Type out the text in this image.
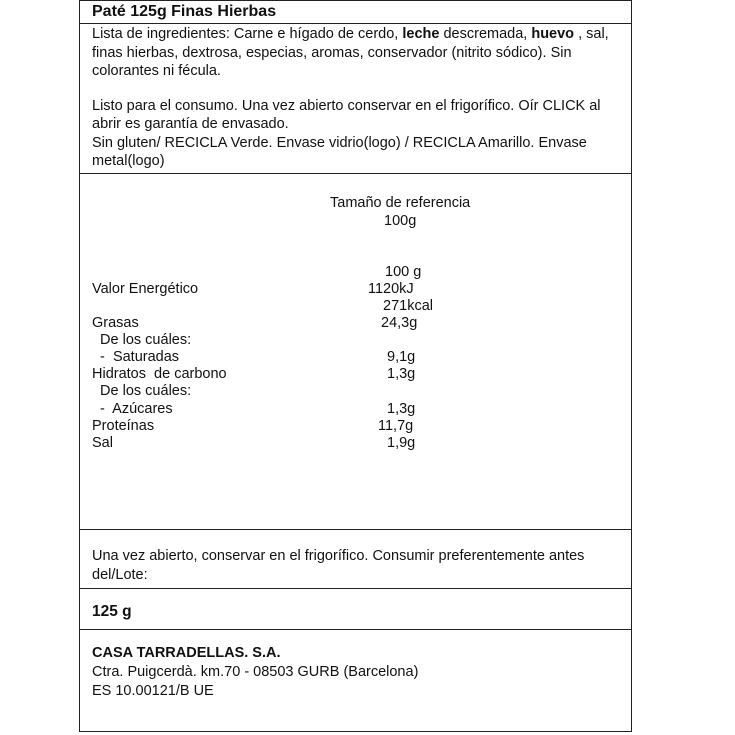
Paté 125g Finas Hierbas
Lista de ingredientes: Carne e hígado de cerdo, leche descremada, huevo , sal,
finas hierbas, dextrosa, especias, aromas, conservador (nitrito sódico). Sin
colorantes ni fécula.
Listo para el consumo. Una vez abierto conservar en el frigorífico. Oír CLICK al
abrir es garantía de envasado.
Sin gluten/ RECICLA Verde. Envase vidrio(logo) / RECICLA Amarillo. Envase
metal(logo)
Tamaño de referencia
100g
100 g
Valor Energético	1120kJ
271kcal
Grasas	24,3g
De los cuáles:
-  Saturadas	9,1g
Hidratos  de carbono	1,3g
De los cuáles:
-  Azúcares	1,3g
Proteínas	11,7g
Sal	1,9g
Una vez abierto, conservar en el frigorífico. Consumir preferentemente antes
del/Lote:
125 g
CASA TARRADELLAS. S.A.
Ctra. Puigcerdà. km.70 - 08503 GURB (Barcelona)
ES 10.00121/B UE
